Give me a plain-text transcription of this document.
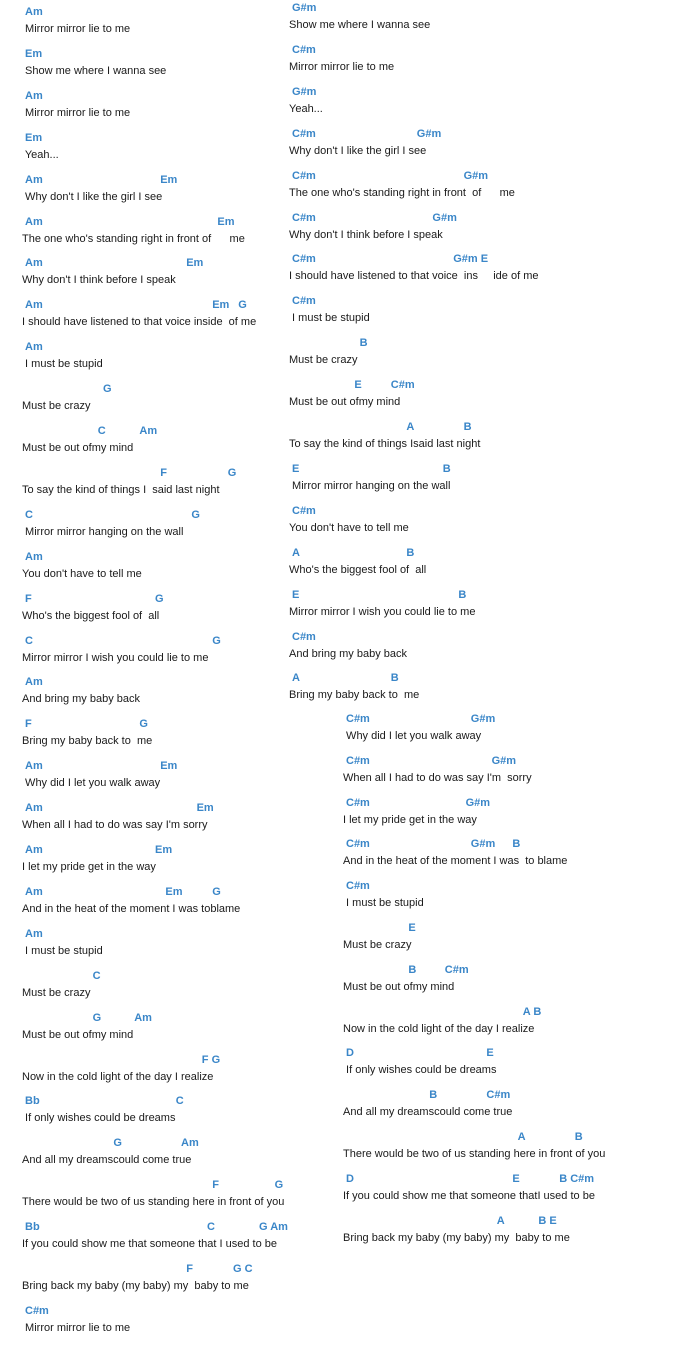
Am
Mirror mirror lie to me
Em
Show me where I wanna see
Am
Mirror mirror lie to me
Em
Yeah...
Am	Em
Why don't I like the girl I see
Am	Em
The one who's standing right in front of      me
Am	Em
Why don't I think before I speak
Am	Em G
I should have listened to that voice inside  of me
Am
I must be stupid
G
Must be crazy
C	Am
Must be out ofmy mind
F	G
To say the kind of things I  said last night
C	G
Mirror mirror hanging on the wall
Am
You don't have to tell me
F	G
Who's the biggest fool of  all
C	G
Mirror mirror I wish you could lie to me
Am
And bring my baby back
F	G
Bring my baby back to  me
Am	Em
Why did I let you walk away
Am	Em
When all I had to do was say I'm sorry
Am	Em
I let my pride get in the way
Am	Em	G
And in the heat of the moment I was toblame
Am
I must be stupid
C
Must be crazy
G	Am
Must be out ofmy mind
F G
Now in the cold light of the day I realize
Bb	C
If only wishes could be dreams
G	Am
And all my dreamscould come true
F	G
There would be two of us standing here in front of you
Bb	C	G Am
If you could show me that someone that I used to be
F	G C
Bring back my baby (my baby) my  baby to me
C#m
Mirror mirror lie to me
G#m
Show me where I wanna see
C#m
Mirror mirror lie to me
G#m
Yeah...
C#m	G#m
Why don't I like the girl I see
C#m	G#m
The one who's standing right in front  of      me
C#m	G#m
Why don't I think before I speak
C#m	G#m E
I should have listened to that voice  ins     ide of me
C#m
I must be stupid
B
Must be crazy
E	C#m
Must be out ofmy mind
A	B
To say the kind of things Isaid last night
E	B
Mirror mirror hanging on the wall
C#m
You don't have to tell me
A	B
Who's the biggest fool of  all
E	B
Mirror mirror I wish you could lie to me
C#m
And bring my baby back
A	B
Bring my baby back to  me
C#m	G#m
Why did I let you walk away
C#m	G#m
When all I had to do was say I'm  sorry
C#m	G#m
I let my pride get in the way
C#m	G#m B
And in the heat of the moment I was  to blame
C#m
I must be stupid
E
Must be crazy
B	C#m
Must be out ofmy mind
A B
Now in the cold light of the day I realize
D	E
If only wishes could be dreams
B	C#m
And all my dreamscould come true
A	B
There would be two of us standing here in front of you
D	E	B C#m
If you could show me that someone thatI used to be
A	B E
Bring back my baby (my baby) my  baby to me
